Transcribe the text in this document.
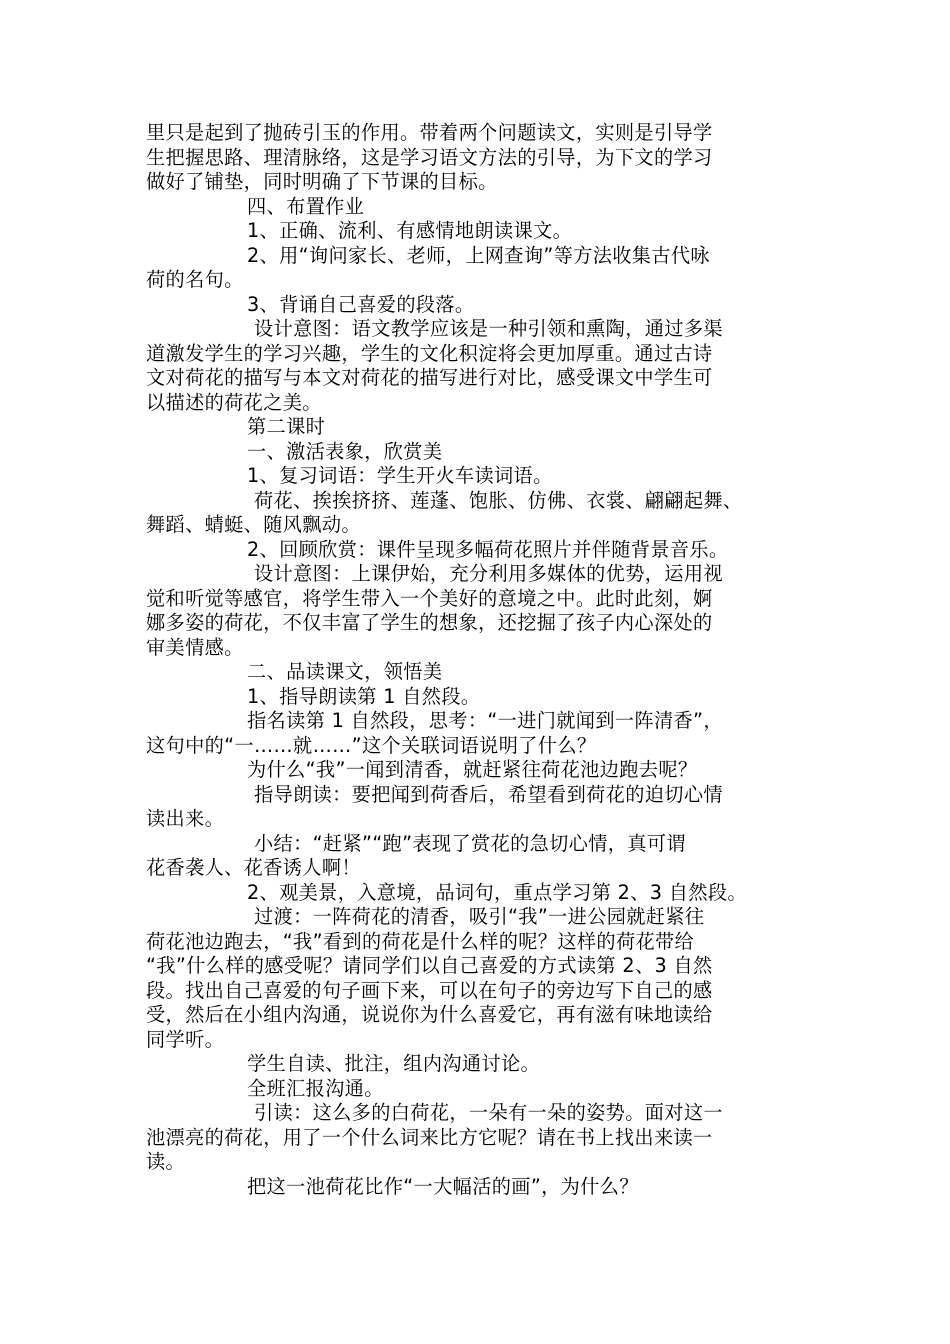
里只是起到了抛砖引玉的作用。带着两个问题读文，实则是引导学

生把握思路、理清脉络，这是学习语文方法的引导，为下文的学习

做好了铺垫，同时明确了下节课的目标。

四、布置作业

1、正确、流利、有感情地朗读课文。

2、用“询问家长、老师，上网查询”等方法收集古代咏

荷的名句。

3、背诵自己喜爱的段落。

设计意图：语文教学应该是一种引领和熏陶，通过多渠

道激发学生的学习兴趣，学生的文化积淀将会更加厚重。通过古诗

文对荷花的描写与本文对荷花的描写进行对比，感受课文中学生可

以描述的荷花之美。

第二课时

一、激活表象，欣赏美

1、复习词语：学生开火车读词语。

荷花、挨挨挤挤、莲蓬、饱胀、仿佛、衣裳、翩翩起舞、

舞蹈、蜻蜓、随风飘动。

2、回顾欣赏：课件呈现多幅荷花照片并伴随背景音乐。

设计意图：上课伊始，充分利用多媒体的优势，运用视

觉和听觉等感官，将学生带入一个美好的意境之中。此时此刻，婀

娜多姿的荷花，不仅丰富了学生的想象，还挖掘了孩子内心深处的

审美情感。

二、品读课文，领悟美

1、指导朗读第 1 自然段。

指名读第 1 自然段，思考：“一进门就闻到一阵清香”，

这句中的“一……就……”这个关联词语说明了什么？

为什么“我”一闻到清香，就赶紧往荷花池边跑去呢？

指导朗读：要把闻到荷香后，希望看到荷花的迫切心情

读出来。

小结：“赶紧”“跑”表现了赏花的急切心情，真可谓

花香袭人、花香诱人啊！

2、观美景，入意境，品词句，重点学习第 2、3 自然段。

过渡：一阵荷花的清香，吸引“我”一进公园就赶紧往

荷花池边跑去，“我”看到的荷花是什么样的呢？这样的荷花带给

“我”什么样的感受呢？请同学们以自己喜爱的方式读第 2、3 自然

段。找出自己喜爱的句子画下来，可以在句子的旁边写下自己的感

受，然后在小组内沟通，说说你为什么喜爱它，再有滋有味地读给

同学听。

学生自读、批注，组内沟通讨论。

全班汇报沟通。

引读：这么多的白荷花，一朵有一朵的姿势。面对这一

池漂亮的荷花，用了一个什么词来比方它呢？请在书上找出来读一

读。

把这一池荷花比作“一大幅活的画”，为什么？
